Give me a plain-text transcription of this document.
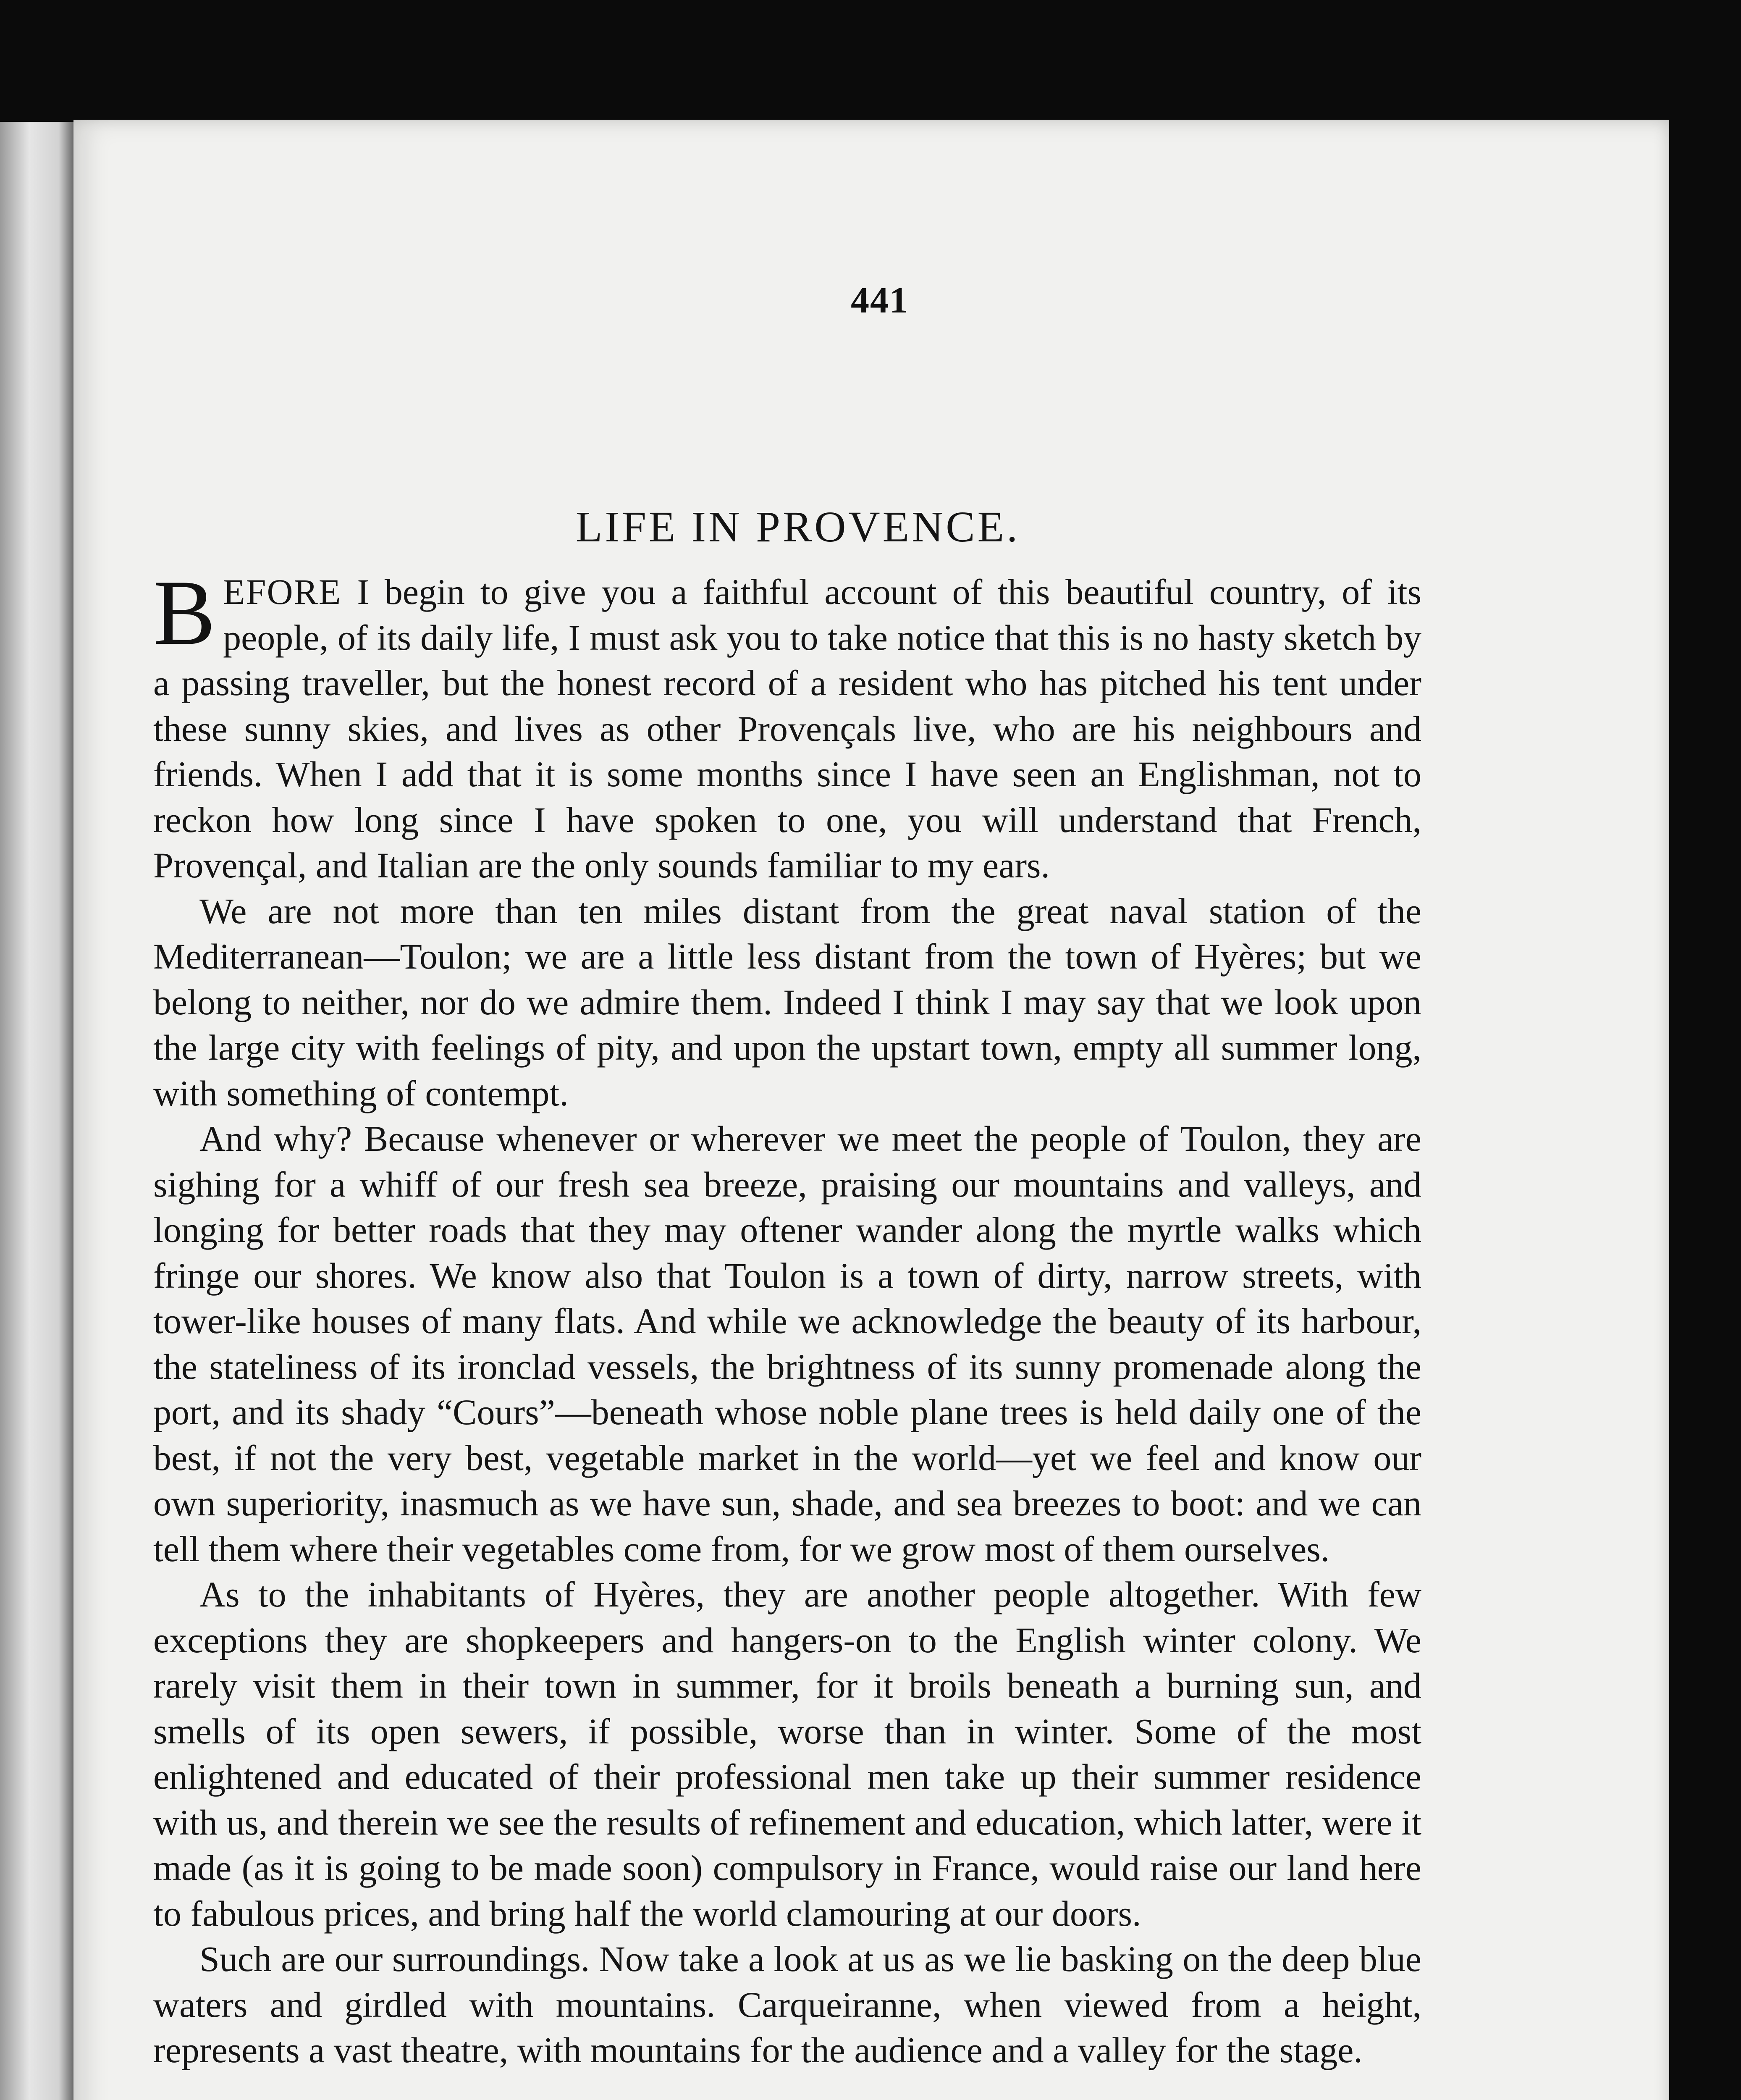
441
LIFE IN PROVENCE.

BEFORE I begin to give you a faithful account of this beautiful country, of its people, of its daily life, I must ask you to take notice that this is no hasty sketch by a passing traveller, but the honest record of a resident who has pitched his tent under these sunny skies, and lives as other Provençals live, who are his neighbours and friends. When I add that it is some months since I have seen an Englishman, not to reckon how long since I have spoken to one, you will understand that French, Provençal, and Italian are the only sounds familiar to my ears.

We are not more than ten miles distant from the great naval station of the Mediterranean—Toulon; we are a little less distant from the town of Hyères; but we belong to neither, nor do we admire them. Indeed I think I may say that we look upon the large city with feelings of pity, and upon the upstart town, empty all summer long, with something of contempt.

And why? Because whenever or wherever we meet the people of Toulon, they are sighing for a whiff of our fresh sea breeze, praising our mountains and valleys, and longing for better roads that they may oftener wander along the myrtle walks which fringe our shores. We know also that Toulon is a town of dirty, narrow streets, with tower-like houses of many flats. And while we acknowledge the beauty of its harbour, the stateliness of its ironclad vessels, the brightness of its sunny promenade along the port, and its shady “Cours”—beneath whose noble plane trees is held daily one of the best, if not the very best, vegetable market in the world—yet we feel and know our own superiority, inasmuch as we have sun, shade, and sea breezes to boot: and we can tell them where their vegetables come from, for we grow most of them ourselves.

As to the inhabitants of Hyères, they are another people altogether. With few exceptions they are shopkeepers and hangers-on to the English winter colony. We rarely visit them in their town in summer, for it broils beneath a burning sun, and smells of its open sewers, if possible, worse than in winter. Some of the most enlightened and educated of their professional men take up their summer residence with us, and therein we see the results of refinement and education, which latter, were it made (as it is going to be made soon) compulsory in France, would raise our land here to fabulous prices, and bring half the world clamouring at our doors.

Such are our surroundings. Now take a look at us as we lie basking on the deep blue waters and girdled with mountains. Carqueiranne, when viewed from a height, represents a vast theatre, with mountains for the audience and a valley for the stage.
